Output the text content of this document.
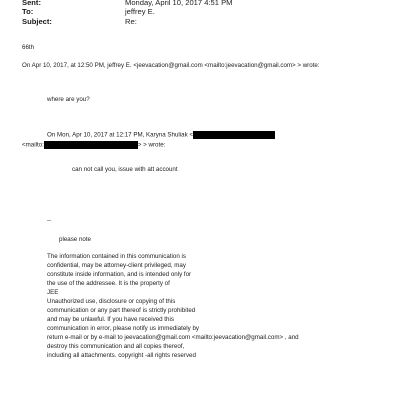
Sent:	Monday, April 10, 2017 4:51 PM
To:	jeffrey E.
Subject:	Re:
66th
On Apr 10, 2017, at 12:50 PM, jeffrey E. <jeevacation@gmail.com <mailto:jeevacation@gmail.com> > wrote:
where are you?
On Mon, Apr 10, 2017 at 12:17 PM, Karyna Shuliak <
<mailto:	> > wrote:
can not call you, issue with att account
--
please note
The information contained in this communication is
confidential, may be attorney-client privileged, may
constitute inside information, and is intended only for
the use of the addressee. It is the property of
JEE
Unauthorized use, disclosure or copying of this
communication or any part thereof is strictly prohibited
and may be unlawful. If you have received this
communication in error, please notify us immediately by
return e-mail or by e-mail to jeevacation@gmail.com <mailto:jeevacation@gmail.com> , and
destroy this communication and all copies thereof,
including all attachments. copyright -all rights reserved
